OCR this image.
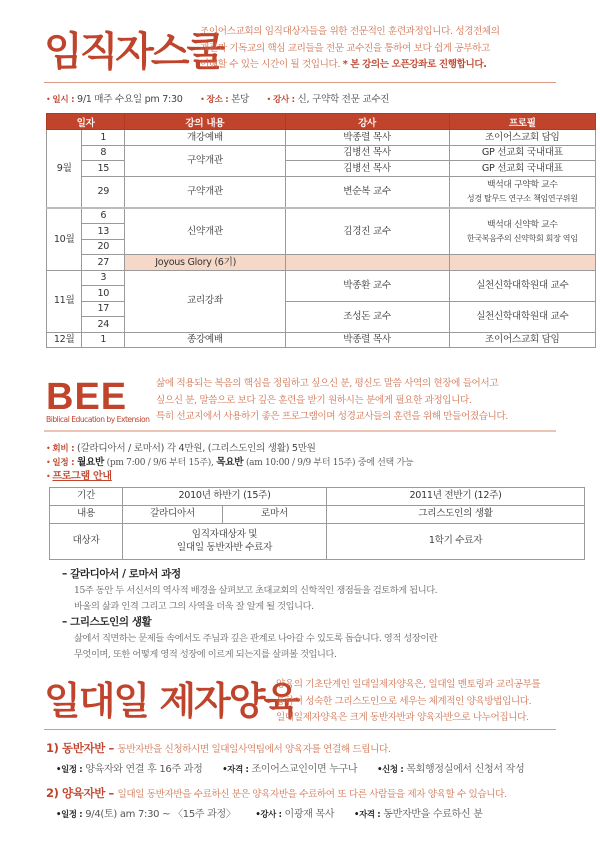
임직자스쿨
조이어스교회의 임직대상자들을 위한 전문적인 훈련과정입니다. 성경전체의
개관과 기독교의 핵심 교리들을 전문 교수진을 통하여 보다 쉽게 공부하고
이해할 수 있는 시간이 될 것입니다. * 본 강의는 오픈강좌로 진행합니다.
• 일시 : 9/1 매주 수요일 pm 7:30 • 장소 : 본당 • 강사 : 신, 구약학 전문 교수진
일자		강의 내용	강사	프로필
9월	1	개강예배	박종렬 목사	조이어스교회 담임
	8	구약개관	김병선 목사	GP 선교회 국내대표
	15		김병선 목사	GP 선교회 국내대표
	29	구약개관	변순복 교수	백석대 구약학 교수
성경 탈무드 연구소 책임연구위원

10월	6	신약개관	김경진 교수	백석대 신약학 교수
한국복음주의 신약학회 회장 역임

	13			
	20			
	27	Joyous Glory (6기)		
11월	3	교리강좌	박종환 교수	실천신학대학원대 교수
	10			
	17		조성돈 교수	실천신학대학원대 교수
	24			
12월	1	종강예배	박종렬 목사	조이어스교회 담임
BEE
Biblical Education by Extension
삶에 적용되는 복음의 핵심을 정립하고 싶으신 분, 평신도 말씀 사역의 현장에 들어서고
싶으신 분, 말씀으로 보다 깊은 훈련을 받기 원하시는 분에게 필요한 과정입니다.
특히 선교지에서 사용하기 좋은 프로그램이며 성경교사들의 훈련을 위해 만들어졌습니다.
• 회비 : (갈라디아서 / 로마서) 각 4만원, (그리스도인의 생활) 5만원
• 일정 : 월요반 (pm 7:00 / 9/6 부터 15주), 목요반 (am 10:00 / 9/9 부터 15주) 중에 선택 가능
• 프로그램 안내
기간	2010년 하반기 (15주)		2011년 전반기 (12주)
내용	갈라디아서	로마서	그리스도인의 생활
대상자	임직자대상자 및
일대일 동반자반 수료자		1학기 수료자
– 갈라디아서 / 로마서 과정
15주 동안 두 서신서의 역사적 배경을 살펴보고 초대교회의 신학적인 쟁점들을 검토하게 됩니다.
바울의 삶과 인격 그리고 그의 사역을 더욱 잘 알게 될 것입니다.
– 그리스도인의 생활
삶에서 직면하는 문제들 속에서도 주님과 깊은 관계로 나아갈 수 있도록 돕습니다. 영적 성장이란
무엇이며, 또한 어떻게 영적 성장에 이르게 되는지를 살펴볼 것입니다.
일대일 제자양육
양육의 기초단계인 일대일제자양육은, 일대일 멘토링과 교리공부를
통하여 성숙한 그리스도인으로 세우는 체계적인 양육방법입니다.
일대일제자양육은 크게 동반자반과 양육자반으로 나누어집니다.
1) 동반자반 – 동반자반을 신청하시면 일대일사역팀에서 양육자를 연결해 드립니다.
•일정 : 양육자와 연결 후 16주 과정 •자격 : 조이어스교인이면 누구나 •신청 : 목회행정실에서 신청서 작성
2) 양육자반 – 일대일 동반자반을 수료하신 분은 양육자반을 수료하여 또 다른 사람들을 제자 양육할 수 있습니다.
•일정 : 9/4(토) am 7:30 ~ 〈15주 과정〉 •강사 : 이광재 목사 •자격 : 동반자반을 수료하신 분
